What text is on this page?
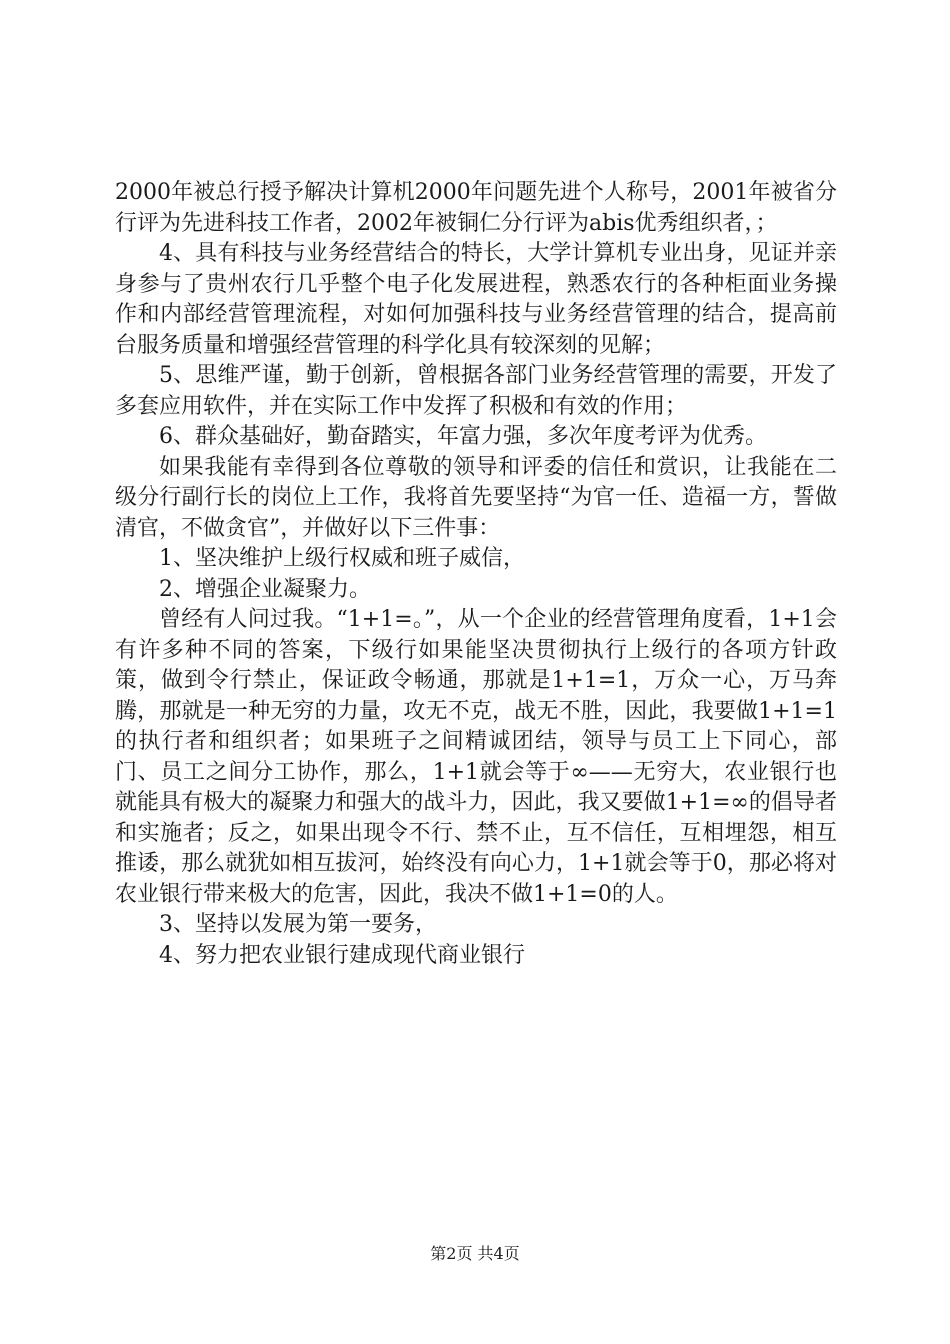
2000年被总行授予解决计算机2000年问题先进个人称号，2001年被省分行评为先进科技工作者，2002年被铜仁分行评为abis优秀组织者，；

4、具有科技与业务经营结合的特长，大学计算机专业出身，见证并亲身参与了贵州农行几乎整个电子化发展进程，熟悉农行的各种柜面业务操作和内部经营管理流程，对如何加强科技与业务经营管理的结合，提高前台服务质量和增强经营管理的科学化具有较深刻的见解；

5、思维严谨，勤于创新，曾根据各部门业务经营管理的需要，开发了多套应用软件，并在实际工作中发挥了积极和有效的作用；

6、群众基础好，勤奋踏实，年富力强，多次年度考评为优秀。

如果我能有幸得到各位尊敬的领导和评委的信任和赏识，让我能在二级分行副行长的岗位上工作，我将首先要坚持“为官一任、造福一方，誓做清官，不做贪官”，并做好以下三件事：

1、坚决维护上级行权威和班子威信，

2、增强企业凝聚力。

曾经有人问过我。“1+1=。”，从一个企业的经营管理角度看，1+1会有许多种不同的答案，下级行如果能坚决贯彻执行上级行的各项方针政策，做到令行禁止，保证政令畅通，那就是1+1=1，万众一心，万马奔腾，那就是一种无穷的力量，攻无不克，战无不胜，因此，我要做1+1=1的执行者和组织者；如果班子之间精诚团结，领导与员工上下同心，部门、员工之间分工协作，那么，1+1就会等于∞——无穷大，农业银行也就能具有极大的凝聚力和强大的战斗力，因此，我又要做1+1=∞的倡导者和实施者；反之，如果出现令不行、禁不止，互不信任，互相埋怨，相互推诿，那么就犹如相互拔河，始终没有向心力，1+1就会等于0，那必将对农业银行带来极大的危害，因此，我决不做1+1=0的人。

3、坚持以发展为第一要务，

4、努力把农业银行建成现代商业银行

第2页 共4页
